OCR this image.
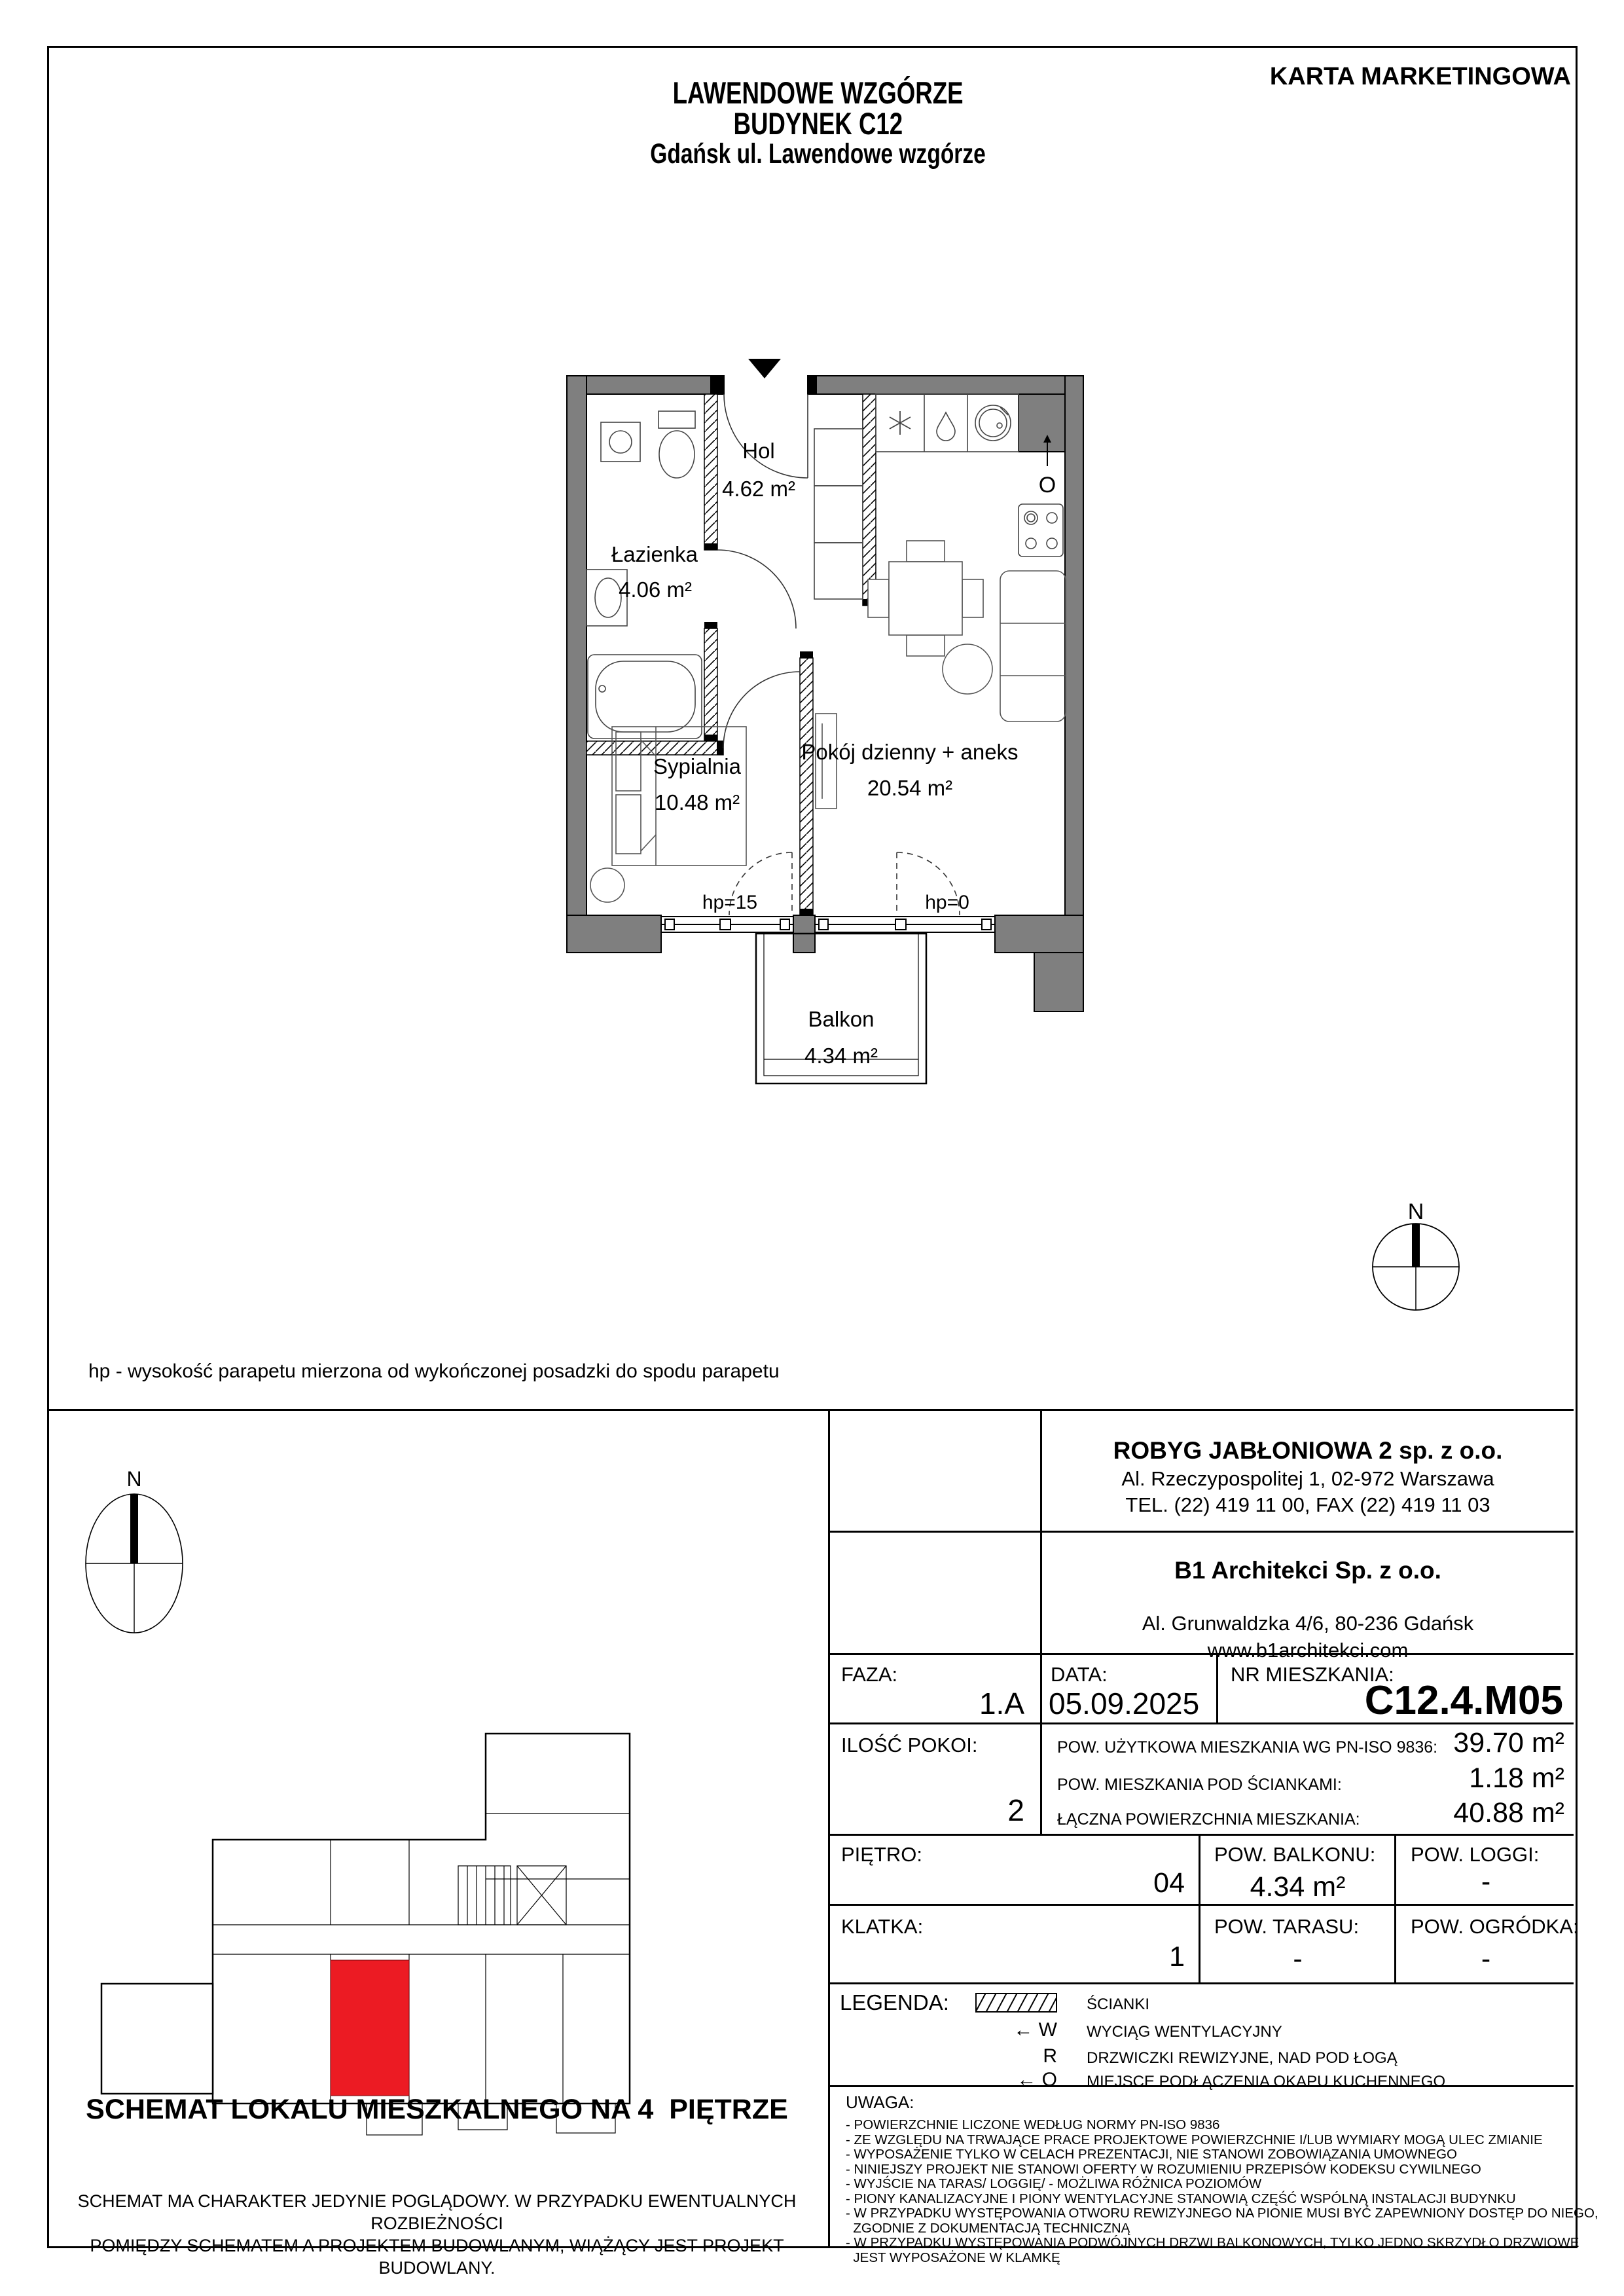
KARTA MARKETINGOWA
LAWENDOWE WZGÓRZE
BUDYNEK C12
Gdańsk ul. Lawendowe wzgórze
O
Hol
4.62 m²
Łazienka
4.06 m²
Pokój dzienny + aneks
20.54 m²
Sypialnia
10.48 m²
hp=15	hp=0
Balkon
4.34 m²
N
N
hp - wysokość parapetu mierzona od wykończonej posadzki do spodu parapetu
ROBYG JABŁONIOWA 2 sp. z o.o.
Al. Rzeczypospolitej 1, 02-972 Warszawa
TEL. (22) 419 11 00, FAX (22) 419 11 03
B1 Architekci Sp. z o.o.
Al. Grunwaldzka 4/6, 80-236 Gdańsk
www.b1architekci.com
FAZA:
1.A
DATA:
05.09.2025
NR MIESZKANIA:
C12.4.M05
ILOŚĆ POKOI:
2
POW. UŻYTKOWA MIESZKANIA WG PN-ISO 9836: 39.70 m²
POW. MIESZKANIA POD ŚCIANKAMI:	1.18 m²
ŁĄCZNA POWIERZCHNIA MIESZKANIA:	40.88 m²
PIĘTRO:
04
POW. BALKONU:
4.34 m²
POW. LOGGI:
-
KLATKA:
1
POW. TARASU:
-
POW. OGRÓDKA:
-
LEGENDA:	ŚCIANKI
← W WYCIĄG WENTYLACYJNY
R DRZWICZKI REWIZYJNE, NAD POD ŁOGĄ
← O MIEJSCE PODŁĄCZENIA OKAPU KUCHENNEGO
UWAGA:
- POWIERZCHNIE LICZONE WEDŁUG NORMY PN-ISO 9836
- ZE WZGLĘDU NA TRWAJĄCE PRACE PROJEKTOWE POWIERZCHNIE I/LUB WYMIARY MOGĄ ULEC ZMIANIE
- WYPOSAŻENIE TYLKO W CELACH PREZENTACJI, NIE STANOWI ZOBOWIĄZANIA UMOWNEGO
- NINIEJSZY PROJEKT NIE STANOWI OFERTY W ROZUMIENIU PRZEPISÓW KODEKSU CYWILNEGO
- WYJŚCIE NA TARAS/ LOGGIĘ/ - MOŻLIWA RÓŻNICA POZIOMÓW
- PIONY KANALIZACYJNE I PIONY WENTYLACYJNE STANOWIĄ CZĘŚĆ WSPÓLNĄ INSTALACJI BUDYNKU
- W PRZYPADKU WYSTĘPOWANIA OTWORU REWIZYJNEGO NA PIONIE MUSI BYĆ ZAPEWNIONY DOSTĘP DO NIEGO,
ZGODNIE Z DOKUMENTACJĄ TECHNICZNĄ
- W PRZYPADKU WYSTĘPOWANIA PODWÓJNYCH DRZWI BALKONOWYCH, TYLKO JEDNO SKRZYDŁO DRZWIOWE
JEST WYPOSAŻONE W KLAMKĘ
SCHEMAT LOKALU MIESZKALNEGO NA 4  PIĘTRZE
SCHEMAT MA CHARAKTER JEDYNIE POGLĄDOWY. W PRZYPADKU EWENTUALNYCH ROZBIEŻNOŚCI
POMIĘDZY SCHEMATEM A PROJEKTEM BUDOWLANYM, WIĄŻĄCY JEST PROJEKT BUDOWLANY.
